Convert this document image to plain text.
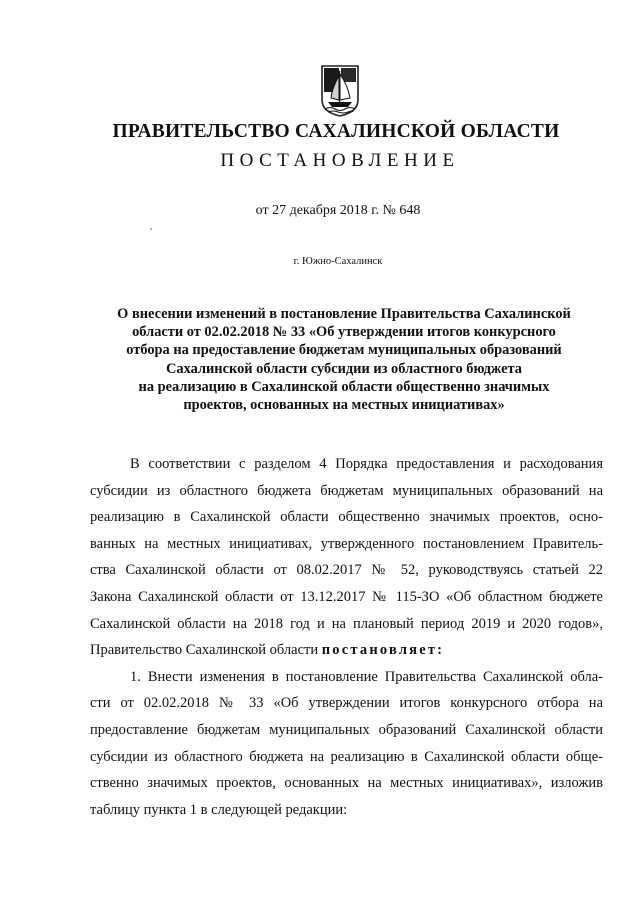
ПРАВИТЕЛЬСТВО САХАЛИНСКОЙ ОБЛАСТИ
ПОСТАНОВЛЕНИЕ
от 27 декабря 2018 г. № 648
г. Южно-Сахалинск
О внесении изменений в постановление Правительства Сахалинской
области от 02.02.2018 № 33 «Об утверждении итогов конкурсного
отбора на предоставление бюджетам муниципальных образований
Сахалинской области субсидии из областного бюджета
на реализацию в Сахалинской области общественно значимых
проектов, основанных на местных инициативах»
В соответствии с разделом 4 Порядка предоставления и расходования
субсидии из областного бюджета бюджетам муниципальных образований на
реализацию в Сахалинской области общественно значимых проектов, осно-
ванных на местных инициативах, утвержденного постановлением Правитель-
ства Сахалинской области от 08.02.2017 № 52, руководствуясь статьей 22
Закона Сахалинской области от 13.12.2017 № 115-ЗО «Об областном бюджете
Сахалинской области на 2018 год и на плановый период 2019 и 2020 годов»,
Правительство Сахалинской области постановляет:
1. Внести изменения в постановление Правительства Сахалинской обла-
сти от 02.02.2018 № 33 «Об утверждении итогов конкурсного отбора на
предоставление бюджетам муниципальных образований Сахалинской области
субсидии из областного бюджета на реализацию в Сахалинской области обще-
ственно значимых проектов, основанных на местных инициативах», изложив
таблицу пункта 1 в следующей редакции:
